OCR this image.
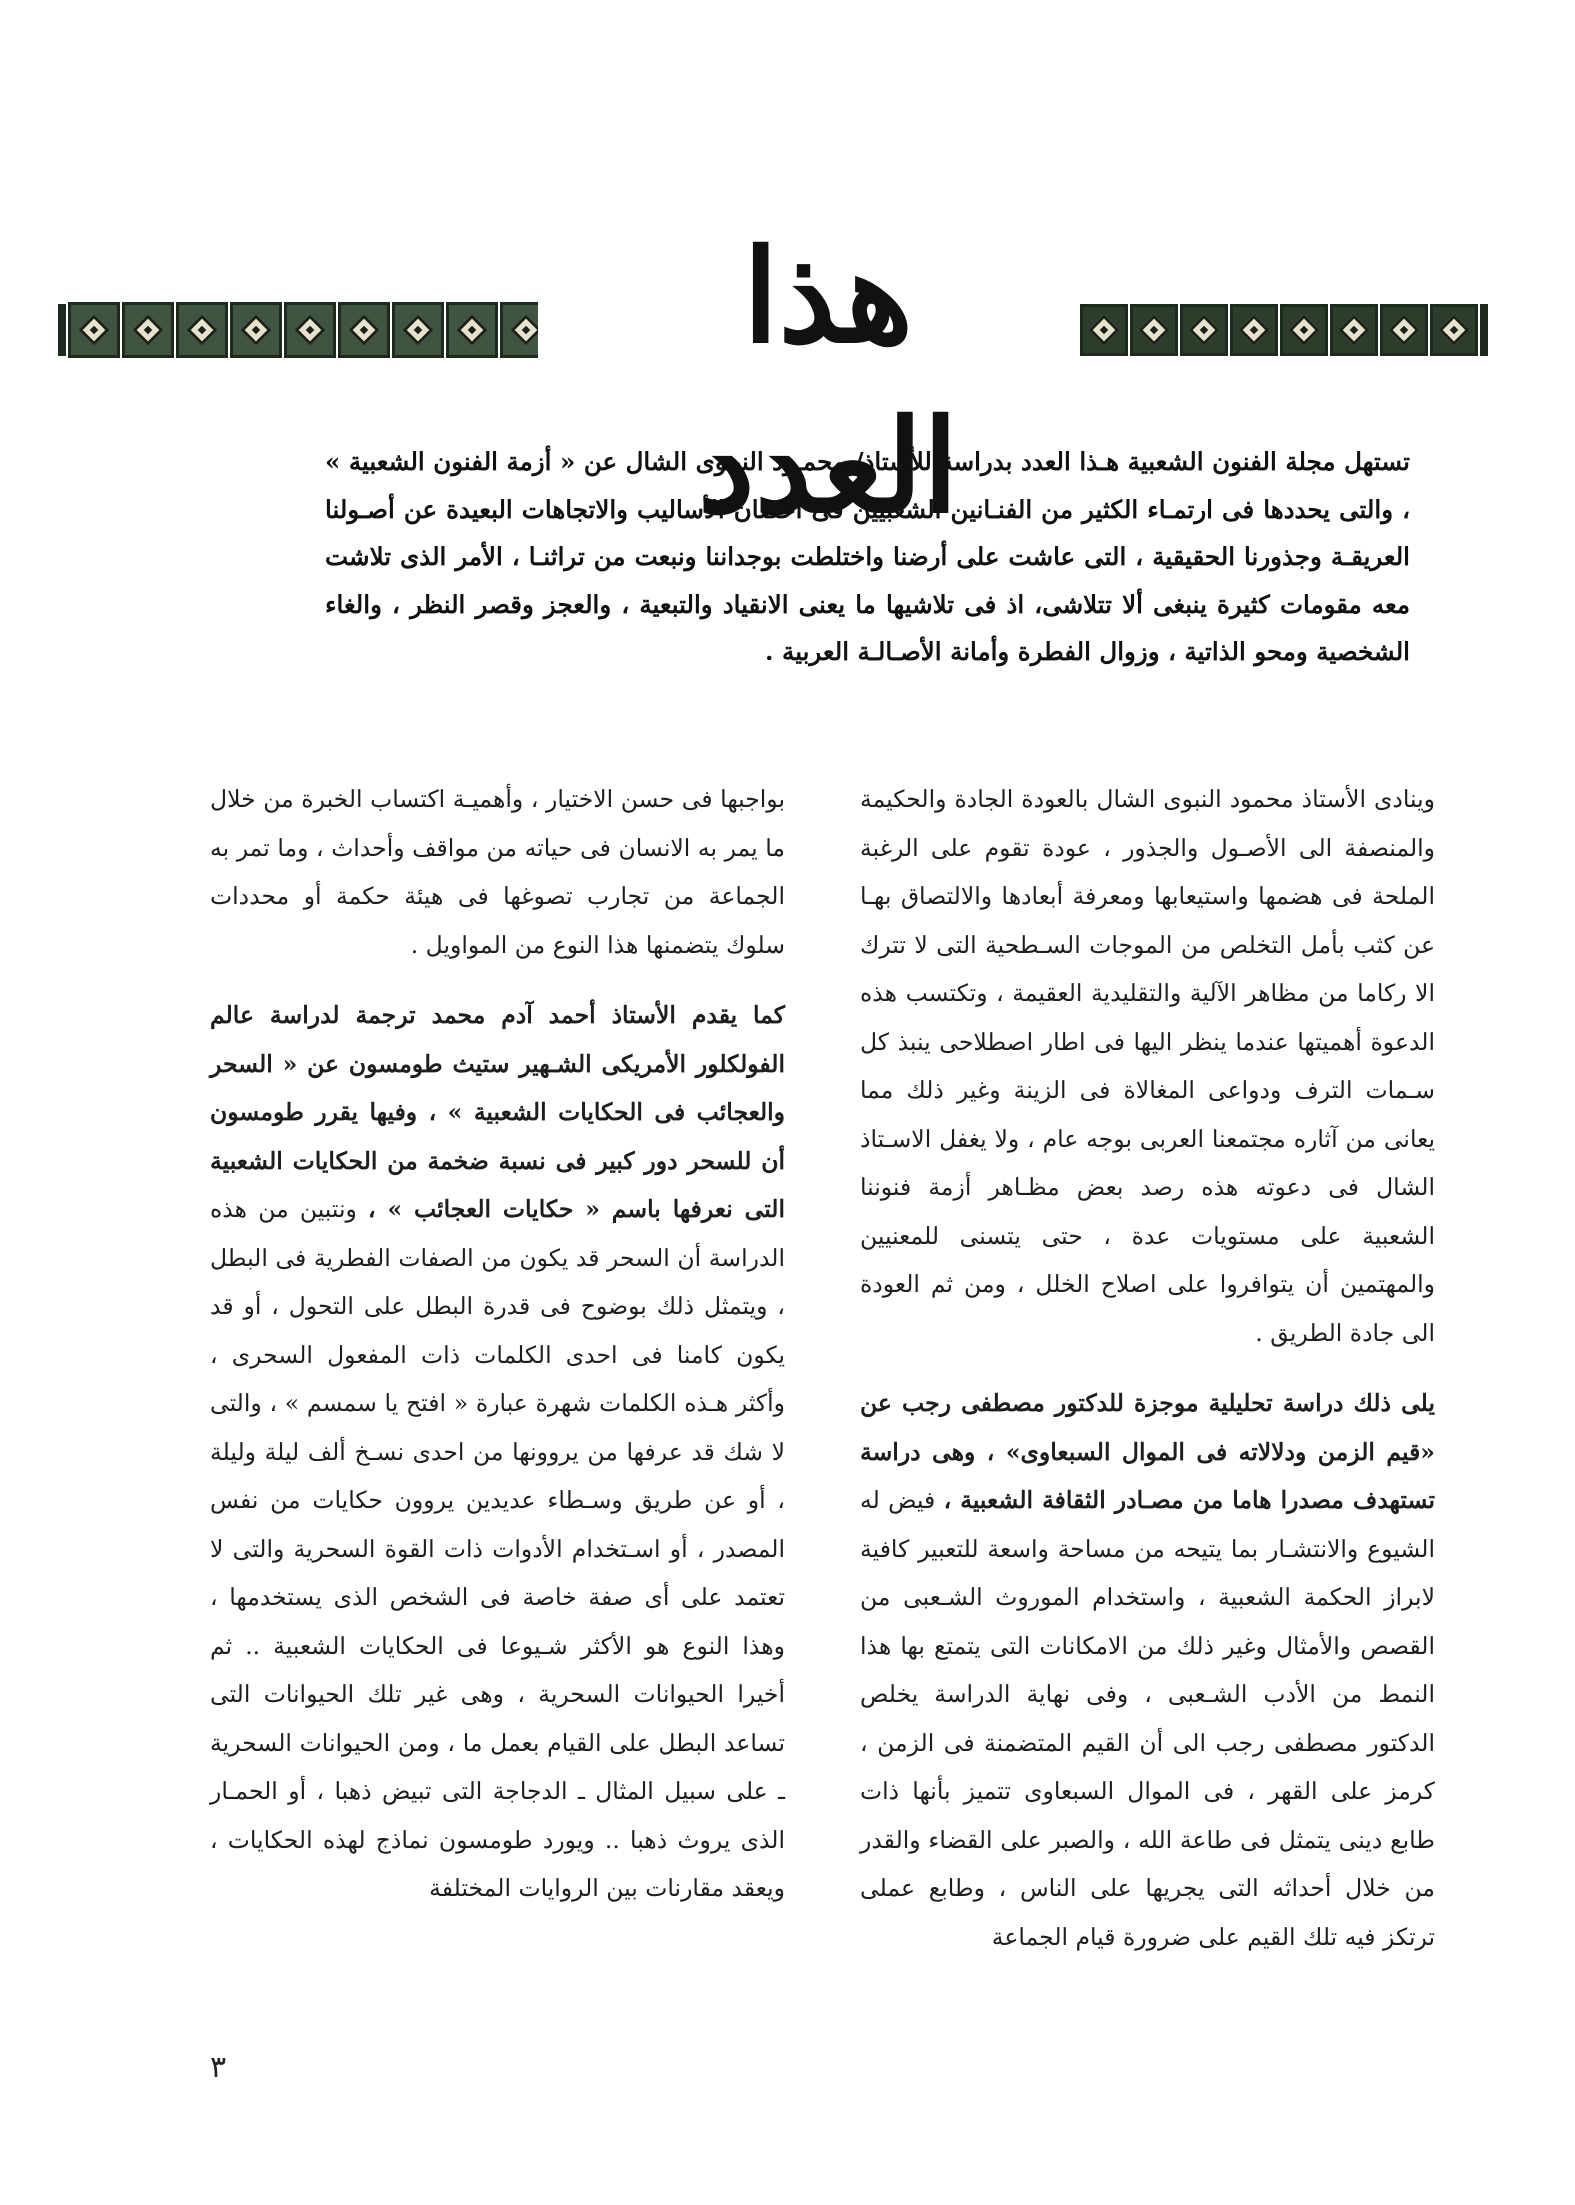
هذا العدد

تستهل مجلة الفنون الشعبية هـذا العدد بدراسة للأستاذ/ محمـود النبـوى الشال عن « أزمة الفنون الشعبية » ، والتى يحددها فى ارتمـاء الكثير من الفنـانين الشعبيين فى أحضان الأساليب والاتجاهات البعيدة عن أصـولنا العريقـة وجذورنا الحقيقية ، التى عاشت على أرضنا واختلطت بوجداننا ونبعت من تراثنـا ، الأمر الذى تلاشت معه مقومات كثيرة ينبغى ألا تتلاشى، اذ فى تلاشيها ما يعنى الانقياد والتبعية ، والعجز وقصر النظر ، والغاء الشخصية ومحو الذاتية ، وزوال الفطرة وأمانة الأصـالـة العربية .

وينادى الأستاذ محمود النبوى الشال بالعودة الجادة والحكيمة والمنصفة الى الأصـول والجذور ، عودة تقوم على الرغبة الملحة فى هضمها واستيعابها ومعرفة أبعادها والالتصاق بهـا عن كثب بأمل التخلص من الموجات السـطحية التى لا تترك الا ركاما من مظاهر الآلية والتقليدية العقيمة ، وتكتسب هذه الدعوة أهميتها عندما ينظر اليها فى اطار اصطلاحى ينبذ كل سـمات الترف ودواعى المغالاة فى الزينة وغير ذلك مما يعانى من آثاره مجتمعنا العربى بوجه عام ، ولا يغفل الاسـتاذ الشال فى دعوته هذه رصد بعض مظـاهر أزمة فنوننا الشعبية على مستويات عدة ، حتى يتسنى للمعنيين والمهتمين أن يتوافروا على اصلاح الخلل ، ومن ثم العودة الى جادة الطريق .

يلى ذلك دراسة تحليلية موجزة للدكتور مصطفى رجب عن «قيم الزمن ودلالاته فى الموال السبعاوى» ، وهى دراسة تستهدف مصدرا هاما من مصـادر الثقافة الشعبية ، فيض له الشيوع والانتشـار بما يتيحه من مساحة واسعة للتعبير كافية لابراز الحكمة الشعبية ، واستخدام الموروث الشـعبى من القصص والأمثال وغير ذلك من الامكانات التى يتمتع بها هذا النمط من الأدب الشـعبى ، وفى نهاية الدراسة يخلص الدكتور مصطفى رجب الى أن القيم المتضمنة فى الزمن ، كرمز على القهر ، فى الموال السبعاوى تتميز بأنها ذات طابع دينى يتمثل فى طاعة الله ، والصبر على القضاء والقدر من خلال أحداثه التى يجريها على الناس ، وطابع عملى ترتكز فيه تلك القيم على ضرورة قيام الجماعة

بواجبها فى حسن الاختيار ، وأهميـة اكتساب الخبرة من خلال ما يمر به الانسان فى حياته من مواقف وأحداث ، وما تمر به الجماعة من تجارب تصوغها فى هيئة حكمة أو محددات سلوك يتضمنها هذا النوع من المواويل .

كما يقدم الأستاذ أحمد آدم محمد ترجمة لدراسة عالم الفولكلور الأمريكى الشـهير ستيث طومسون عن « السحر والعجائب فى الحكايات الشعبية » ، وفيها يقرر طومسون أن للسحر دور كبير فى نسبة ضخمة من الحكايات الشعبية التى نعرفها باسم « حكايات العجائب » ، ونتبين من هذه الدراسة أن السحر قد يكون من الصفات الفطرية فى البطل ، ويتمثل ذلك بوضوح فى قدرة البطل على التحول ، أو قد يكون كامنا فى احدى الكلمات ذات المفعول السحرى ، وأكثر هـذه الكلمات شهرة عبارة « افتح يا سمسم » ، والتى لا شك قد عرفها من يروونها من احدى نسـخ ألف ليلة وليلة ، أو عن طريق وسـطاء عديدين يروون حكايات من نفس المصدر ، أو اسـتخدام الأدوات ذات القوة السحرية والتى لا تعتمد على أى صفة خاصة فى الشخص الذى يستخدمها ، وهذا النوع هو الأكثر شـيوعا فى الحكايات الشعبية .. ثم أخيرا الحيوانات السحرية ، وهى غير تلك الحيوانات التى تساعد البطل على القيام بعمل ما ، ومن الحيوانات السحرية ـ على سبيل المثال ـ الدجاجة التى تبيض ذهبا ، أو الحمـار الذى يروث ذهبا .. ويورد طومسون نماذج لهذه الحكايات ، ويعقد مقارنات بين الروايات المختلفة

٣
